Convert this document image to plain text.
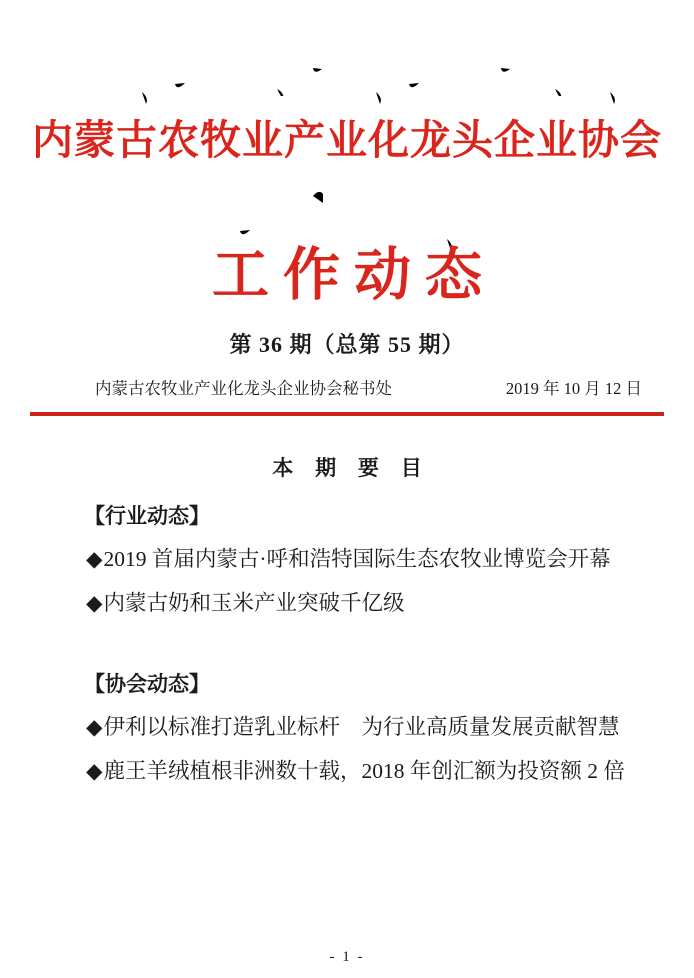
内蒙古农牧业产业化龙头企业协会
工作动态
第 36 期（总第 55 期）
内蒙古农牧业产业化龙头企业协会秘书处	2019 年 10 月 12 日
本 期 要 目
【行业动态】
◆2019 首届内蒙古·呼和浩特国际生态农牧业博览会开幕
◆内蒙古奶和玉米产业突破千亿级
【协会动态】
◆伊利以标准打造乳业标杆　为行业高质量发展贡献智慧
◆鹿王羊绒植根非洲数十载，2018 年创汇额为投资额 2 倍
- 1 -
